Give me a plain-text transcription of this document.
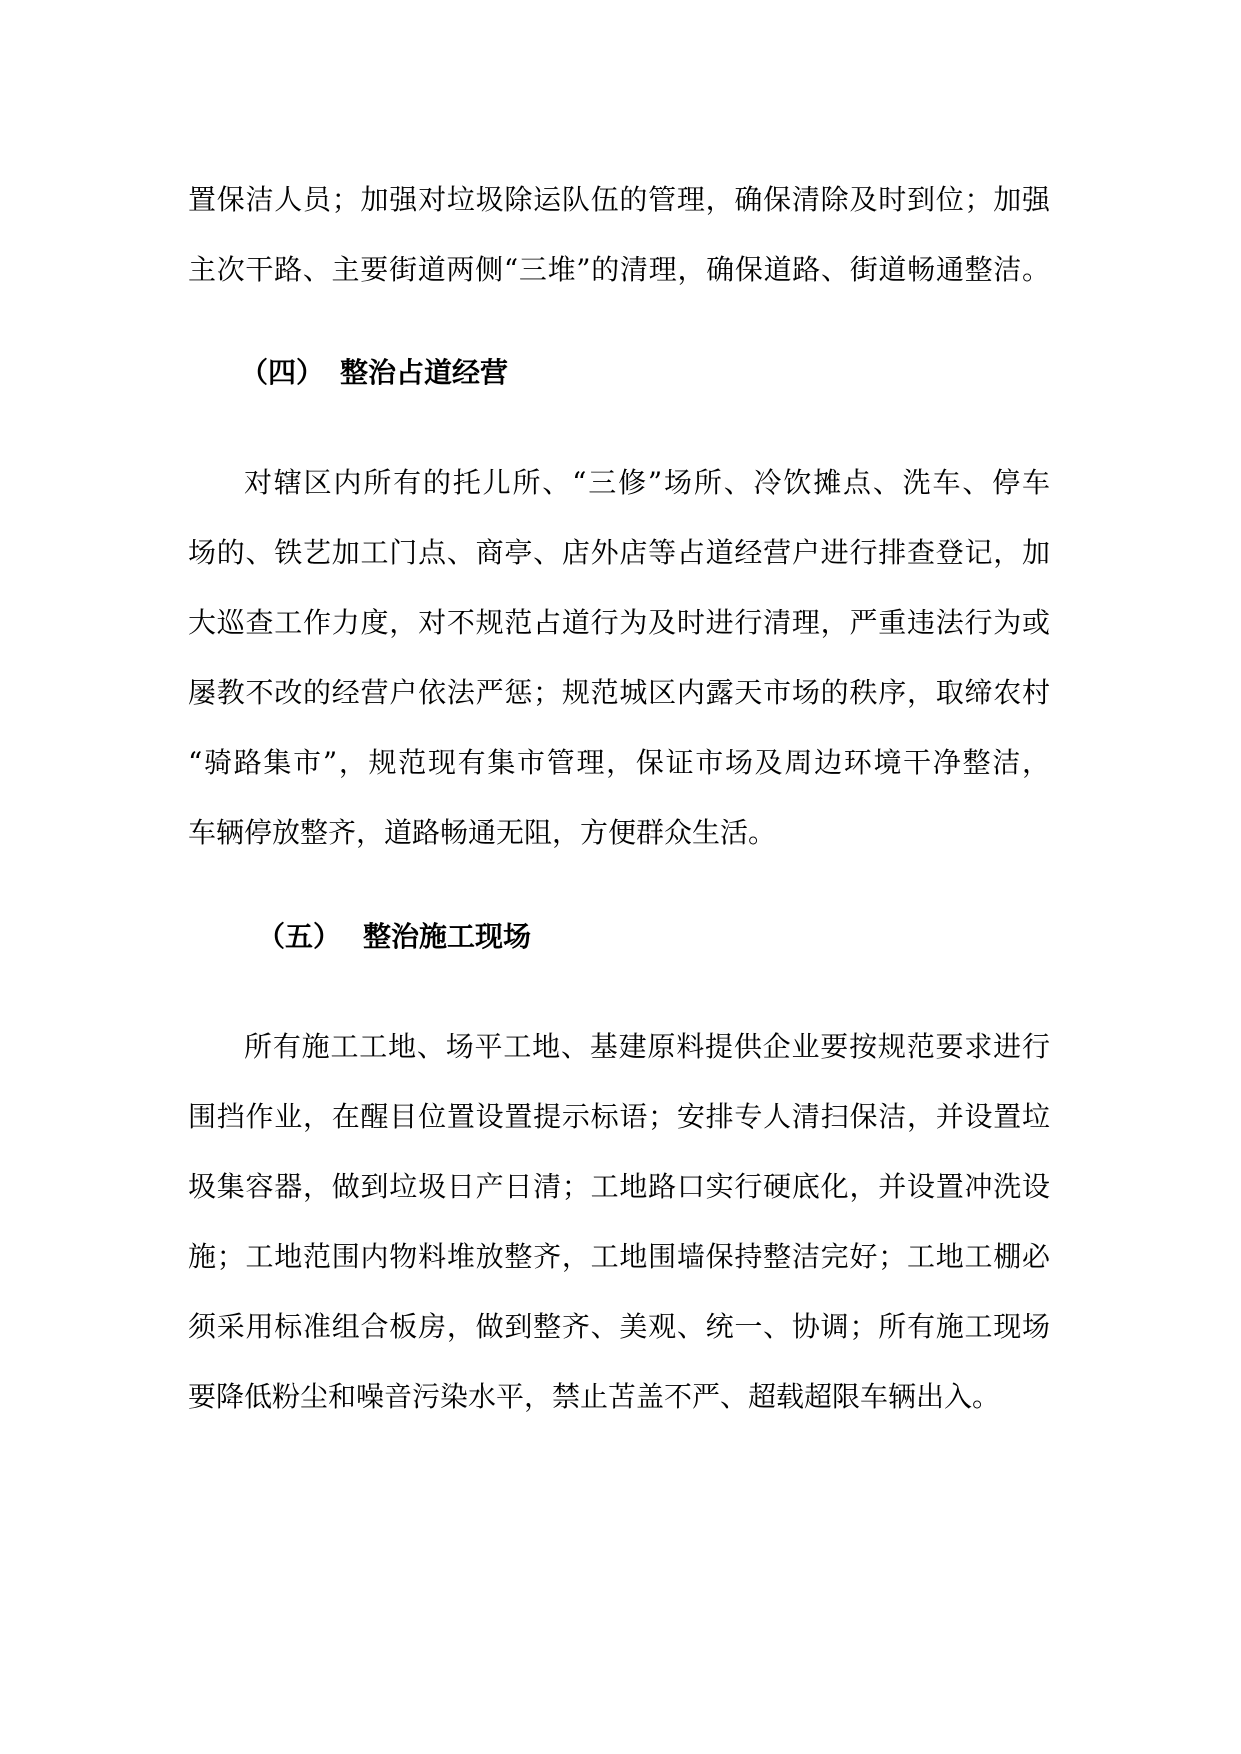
置保洁人员；加强对垃圾除运队伍的管理，确保清除及时到位；加强
主次干路、主要街道两侧“三堆”的清理，确保道路、街道畅通整洁。
（四） 整治占道经营
对辖区内所有的托儿所、“三修”场所、冷饮摊点、洗车、停车
场的、铁艺加工门点、商亭、店外店等占道经营户进行排查登记，加
大巡查工作力度，对不规范占道行为及时进行清理，严重违法行为或
屡教不改的经营户依法严惩；规范城区内露天市场的秩序，取缔农村
“骑路集市”，规范现有集市管理，保证市场及周边环境干净整洁，
车辆停放整齐，道路畅通无阻，方便群众生活。
（五） 整治施工现场
所有施工工地、场平工地、基建原料提供企业要按规范要求进行
围挡作业，在醒目位置设置提示标语；安排专人清扫保洁，并设置垃
圾集容器，做到垃圾日产日清；工地路口实行硬底化，并设置冲洗设
施；工地范围内物料堆放整齐，工地围墙保持整洁完好；工地工棚必
须采用标准组合板房，做到整齐、美观、统一、协调；所有施工现场
要降低粉尘和噪音污染水平，禁止苫盖不严、超载超限车辆出入。
